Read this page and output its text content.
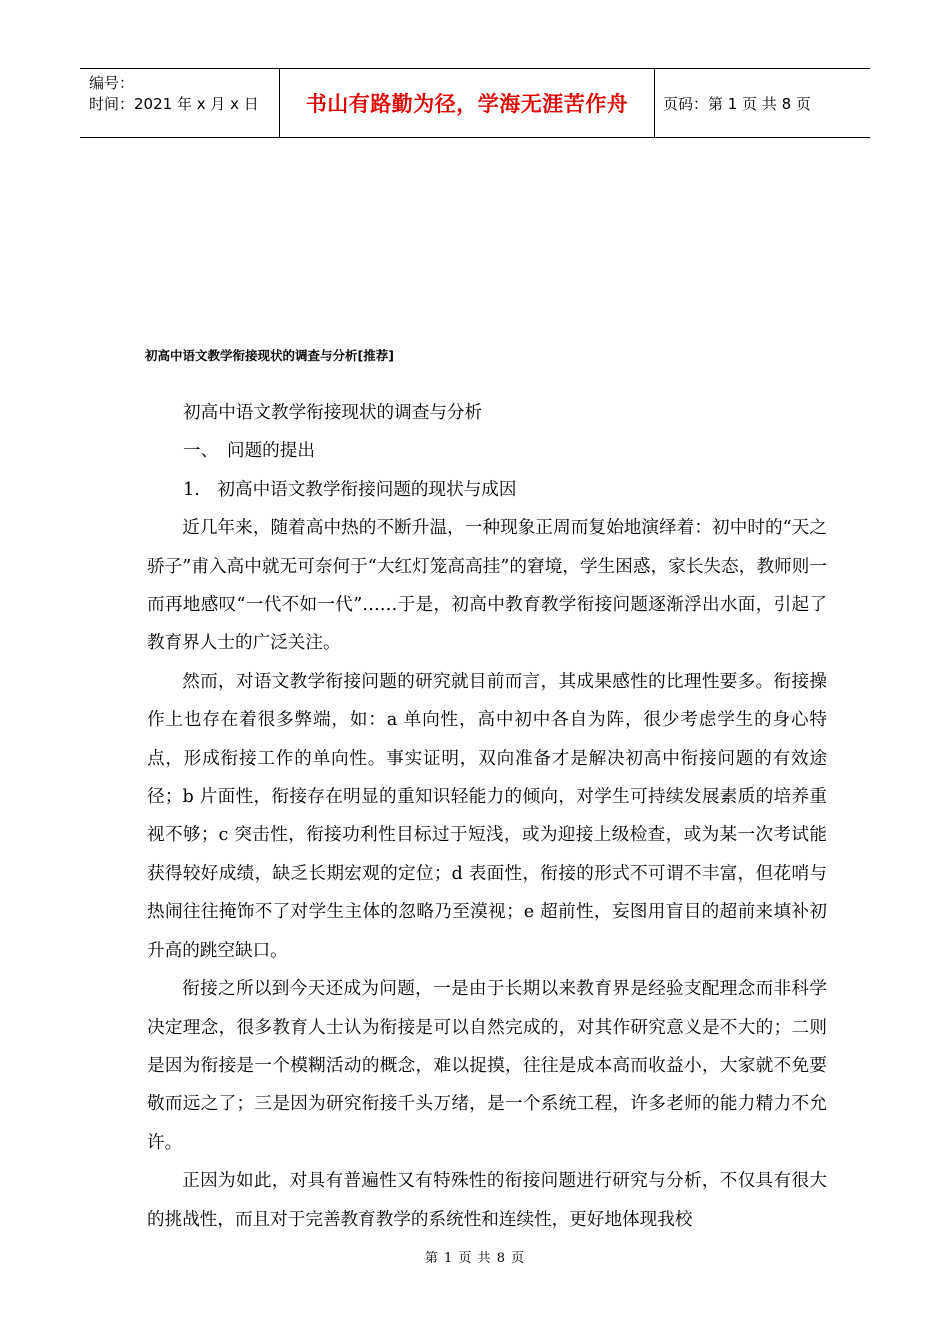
编号：
时间：2021 年 x 月 x 日	书山有路勤为径，学海无涯苦作舟 页码：第 1 页 共 8 页
初高中语文教学衔接现状的调查与分析[推荐]
初高中语文教学衔接现状的调查与分析
一、　问题的提出
1.　初高中语文教学衔接问题的现状与成因

近几年来，随着高中热的不断升温，一种现象正周而复始地演绎着：初中时的“天之骄子”甫入高中就无可奈何于“大红灯笼高高挂”的窘境，学生困惑，家长失态，教师则一而再地感叹“一代不如一代”……于是，初高中教育教学衔接问题逐渐浮出水面，引起了教育界人士的广泛关注。

然而，对语文教学衔接问题的研究就目前而言，其成果感性的比理性要多。衔接操作上也存在着很多弊端，如：a 单向性，高中初中各自为阵，很少考虑学生的身心特点，形成衔接工作的单向性。事实证明，双向准备才是解决初高中衔接问题的有效途径；b 片面性，衔接存在明显的重知识轻能力的倾向，对学生可持续发展素质的培养重视不够；c 突击性，衔接功利性目标过于短浅，或为迎接上级检查，或为某一次考试能获得较好成绩，缺乏长期宏观的定位；d 表面性，衔接的形式不可谓不丰富，但花哨与热闹往往掩饰不了对学生主体的忽略乃至漠视；e 超前性，妄图用盲目的超前来填补初升高的跳空缺口。

衔接之所以到今天还成为问题，一是由于长期以来教育界是经验支配理念而非科学决定理念，很多教育人士认为衔接是可以自然完成的，对其作研究意义是不大的；二则是因为衔接是一个模糊活动的概念，难以捉摸，往往是成本高而收益小，大家就不免要敬而远之了；三是因为研究衔接千头万绪，是一个系统工程，许多老师的能力精力不允许。

正因为如此，对具有普遍性又有特殊性的衔接问题进行研究与分析，不仅具有很大的挑战性，而且对于完善教育教学的系统性和连续性，更好地体现我校

第 1 页 共 8 页
